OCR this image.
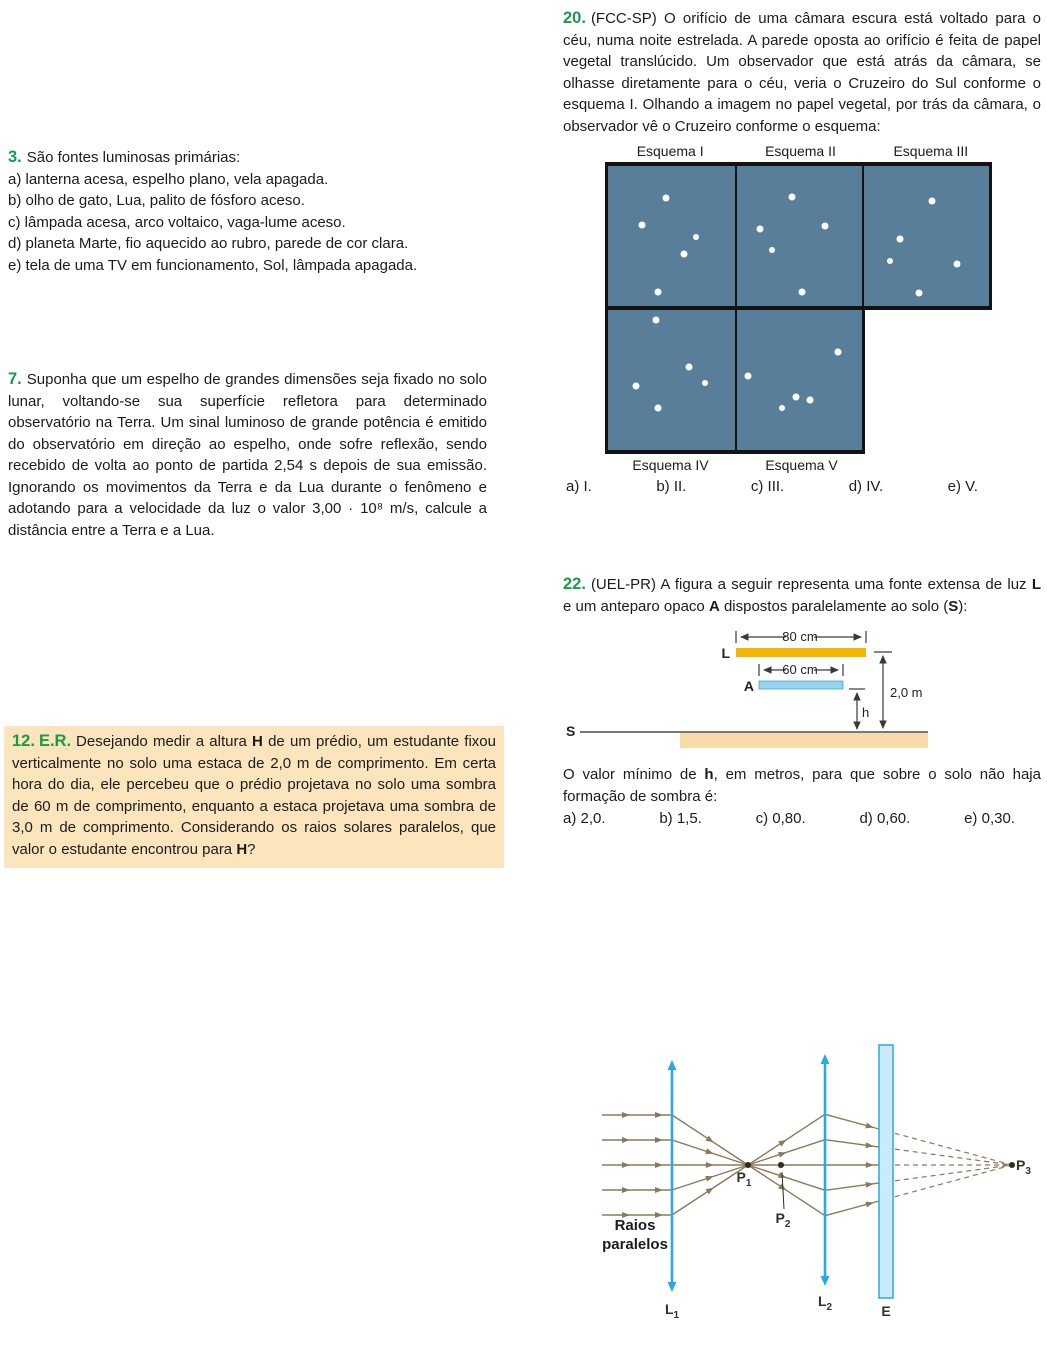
3. São fontes luminosas primárias:

a) lanterna acesa, espelho plano, vela apagada.

b) olho de gato, Lua, palito de fósforo aceso.

c) lâmpada acesa, arco voltaico, vaga-lume aceso.

d) planeta Marte, fio aquecido ao rubro, parede de cor clara.

e) tela de uma TV em funcionamento, Sol, lâmpada apagada.

7. Suponha que um espelho de grandes dimensões seja fixado no solo lunar, voltando-se sua superfície refletora para determinado observatório na Terra. Um sinal luminoso de grande potência é emitido do observatório em direção ao espelho, onde sofre reflexão, sendo recebido de volta ao ponto de partida 2,54 s depois de sua emissão. Ignorando os movimentos da Terra e da Lua durante o fenômeno e adotando para a velocidade da luz o valor 3,00 · 10⁸ m/s, calcule a distância entre a Terra e a Lua.
12. E.R. Desejando medir a altura H de um prédio, um estudante fixou verticalmente no solo uma estaca de 2,0 m de comprimento. Em certa hora do dia, ele percebeu que o prédio projetava no solo uma sombra de 60 m de comprimento, enquanto a estaca projetava uma sombra de 3,0 m de comprimento. Considerando os raios solares paralelos, que valor o estudante encontrou para H?
20. (FCC-SP) O orifício de uma câmara escura está voltado para o céu, numa noite estrelada. A parede oposta ao orifício é feita de papel vegetal translúcido. Um observador que está atrás da câmara, se olhasse diretamente para o céu, veria o Cruzeiro do Sul conforme o esquema I. Olhando a imagem no papel vegetal, por trás da câmara, o observador vê o Cruzeiro conforme o esquema:
Esquema I	Esquema II	Esquema III
Esquema IV	Esquema V
a) I.	b) II.	c) III.	d) IV.	e) V.
22. (UEL-PR) A figura a seguir representa uma fonte extensa de luz L e um anteparo opaco A dispostos paralelamente ao solo (S):
80 cm
L
60 cm
A
h
2,0 m
S
O valor mínimo de h, em metros, para que sobre o solo não haja formação de sombra é:
a) 2,0.	b) 1,5.	c) 0,80.	d) 0,60.	e) 0,30.
Raios
paralelos
$L_1$
$L_2$	E
$P_1$
$P_2$
$P_3$
